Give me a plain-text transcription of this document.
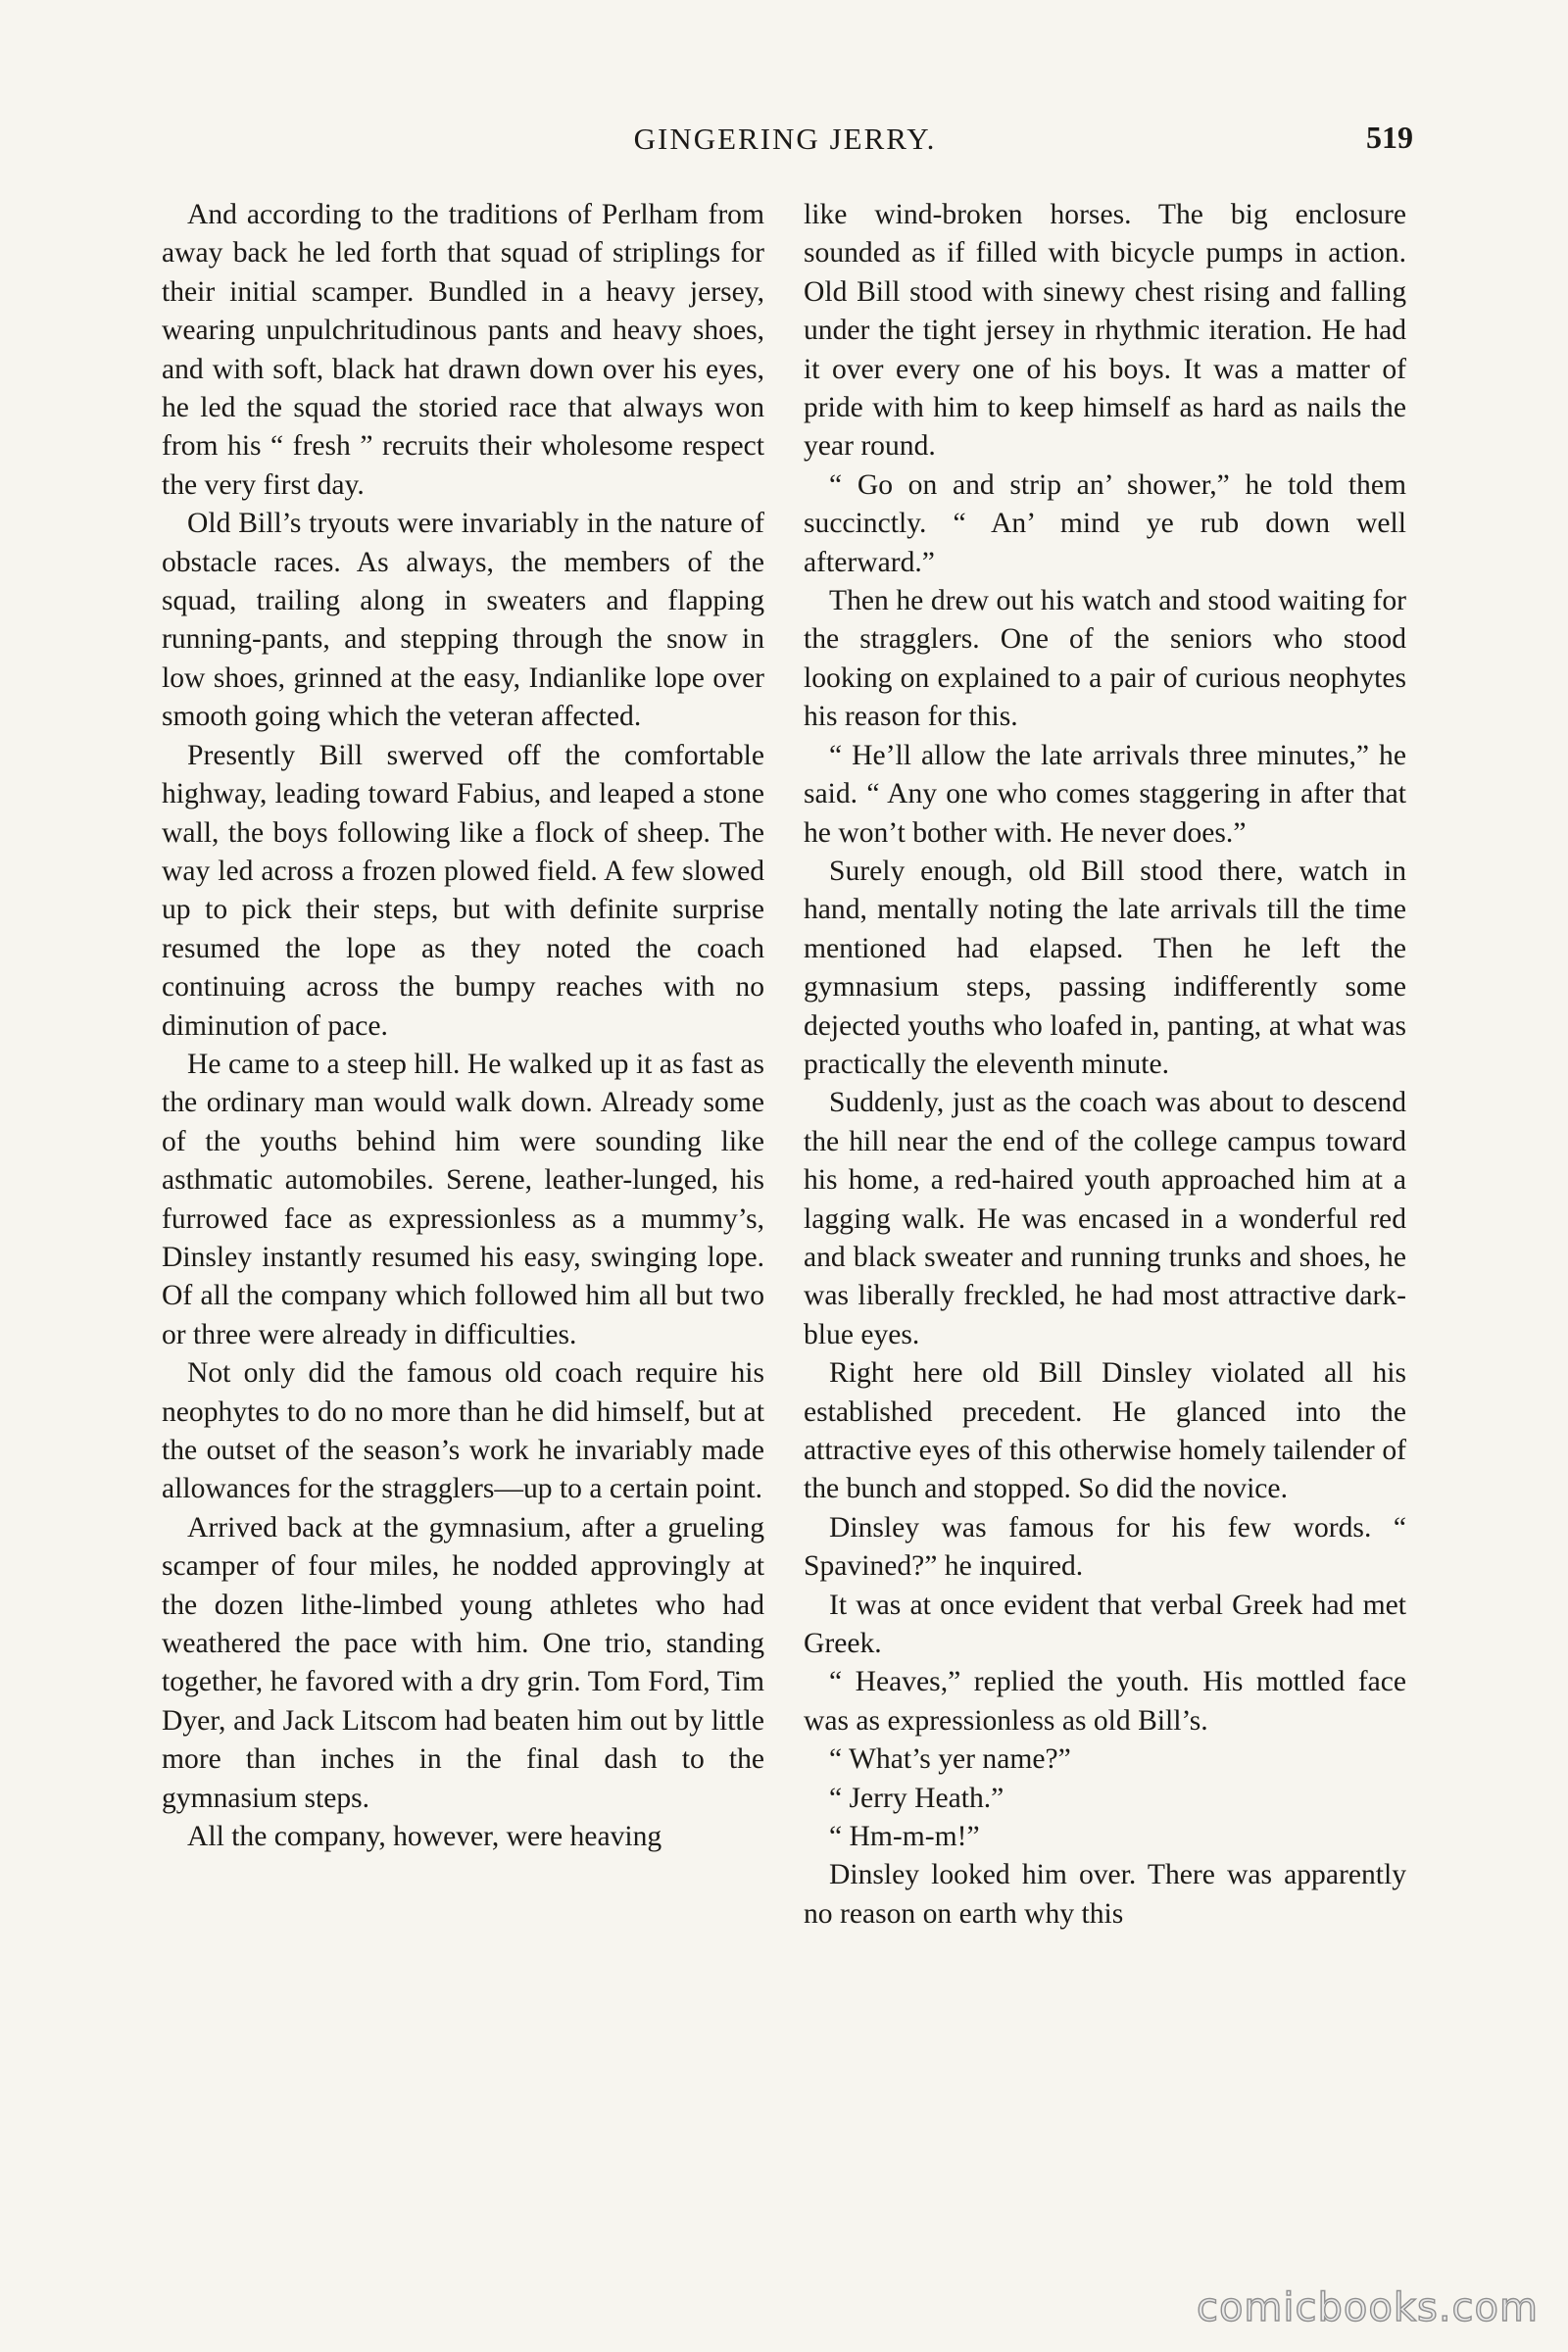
GINGERING JERRY.	519

And according to the traditions of Perlham from away back he led forth that squad of striplings for their initial scamper. Bundled in a heavy jersey, wearing unpulchritudinous pants and heavy shoes, and with soft, black hat drawn down over his eyes, he led the squad the storied race that always won from his “ fresh ” recruits their wholesome respect the very first day.

Old Bill’s tryouts were invariably in the nature of obstacle races. As always, the members of the squad, trailing along in sweaters and flapping running-pants, and stepping through the snow in low shoes, grinned at the easy, Indianlike lope over smooth going which the veteran affected.

Presently Bill swerved off the comfortable highway, leading toward Fabius, and leaped a stone wall, the boys following like a flock of sheep. The way led across a frozen plowed field. A few slowed up to pick their steps, but with definite surprise resumed the lope as they noted the coach continuing across the bumpy reaches with no diminution of pace.

He came to a steep hill. He walked up it as fast as the ordinary man would walk down. Already some of the youths behind him were sounding like asthmatic automobiles. Serene, leather-lunged, his furrowed face as expressionless as a mummy’s, Dinsley instantly resumed his easy, swinging lope. Of all the company which followed him all but two or three were already in difficulties.

Not only did the famous old coach require his neophytes to do no more than he did himself, but at the outset of the season’s work he invariably made allowances for the stragglers—up to a certain point.

Arrived back at the gymnasium, after a grueling scamper of four miles, he nodded approvingly at the dozen lithe-limbed young athletes who had weathered the pace with him. One trio, standing together, he favored with a dry grin. Tom Ford, Tim Dyer, and Jack Litscom had beaten him out by little more than inches in the final dash to the gymnasium steps.

All the company, however, were heaving

like wind-broken horses. The big enclosure sounded as if filled with bicycle pumps in action. Old Bill stood with sinewy chest rising and falling under the tight jersey in rhythmic iteration. He had it over every one of his boys. It was a matter of pride with him to keep himself as hard as nails the year round.

“ Go on and strip an’ shower,” he told them succinctly. “ An’ mind ye rub down well afterward.”

Then he drew out his watch and stood waiting for the stragglers. One of the seniors who stood looking on explained to a pair of curious neophytes his reason for this.

“ He’ll allow the late arrivals three minutes,” he said. “ Any one who comes staggering in after that he won’t bother with. He never does.”

Surely enough, old Bill stood there, watch in hand, mentally noting the late arrivals till the time mentioned had elapsed. Then he left the gymnasium steps, passing indifferently some dejected youths who loafed in, panting, at what was practically the eleventh minute.

Suddenly, just as the coach was about to descend the hill near the end of the college campus toward his home, a red-haired youth approached him at a lagging walk. He was encased in a wonderful red and black sweater and running trunks and shoes, he was liberally freckled, he had most attractive dark-blue eyes.

Right here old Bill Dinsley violated all his established precedent. He glanced into the attractive eyes of this otherwise homely tailender of the bunch and stopped. So did the novice.

Dinsley was famous for his few words. “ Spavined?” he inquired.

It was at once evident that verbal Greek had met Greek.

“ Heaves,” replied the youth. His mottled face was as expressionless as old Bill’s.

“ What’s yer name?”

“ Jerry Heath.”

“ Hm-m-m!”

Dinsley looked him over. There was apparently no reason on earth why this

comicbooks.com
